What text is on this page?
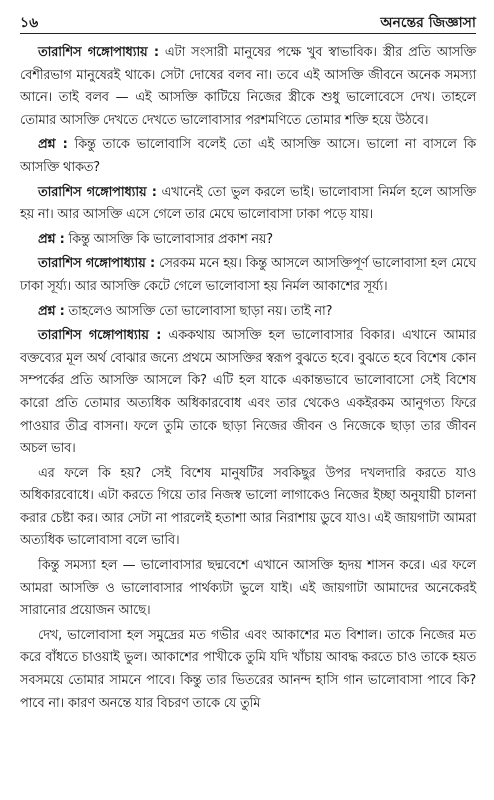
১৬	অনন্তের জিজ্ঞাসা

তারাশিস গঙ্গোপাধ্যায় : এটা সংসারী মানুষের পক্ষে খুব স্বাভাবিক। স্ত্রীর প্রতি আসক্তি বেশীরভাগ মানুষেরই থাকে। সেটা দোষের বলব না। তবে এই আসক্তি জীবনে অনেক সমস্যা আনে। তাই বলব — এই আসক্তি কাটিয়ে নিজের স্ত্রীকে শুধু ভালোবেসে দেখ। তাহলে তোমার আসক্তি দেখতে দেখতে ভালোবাসার পরশমণিতে তোমার শক্তি হয়ে উঠবে।

প্রশ্ন : কিন্তু তাকে ভালোবাসি বলেই তো এই আসক্তি আসে। ভালো না বাসলে কি আসক্তি থাকত?

তারাশিস গঙ্গোপাধ্যায় : এখানেই তো ভুল করলে ভাই। ভালোবাসা নির্মল হলে আসক্তি হয় না। আর আসক্তি এসে গেলে তার মেঘে ভালোবাসা ঢাকা পড়ে যায়।

প্রশ্ন : কিন্তু আসক্তি কি ভালোবাসার প্রকাশ নয়?

তারাশিস গঙ্গোপাধ্যায় : সেরকম মনে হয়। কিন্তু আসলে আসক্তিপূর্ণ ভালোবাসা হল মেঘে ঢাকা সূর্য্য। আর আসক্তি কেটে গেলে ভালোবাসা হয় নির্মল আকাশের সূর্য্য।

প্রশ্ন : তাহলেও আসক্তি তো ভালোবাসা ছাড়া নয়। তাই না?

তারাশিস গঙ্গোপাধ্যায় : এককথায় আসক্তি হল ভালোবাসার বিকার। এখানে আমার বক্তব্যের মূল অর্থ বোঝার জন্যে প্রথমে আসক্তির স্বরূপ বুঝতে হবে। বুঝতে হবে বিশেষ কোন সম্পর্কের প্রতি আসক্তি আসলে কি? এটি হল যাকে একান্তভাবে ভালোবাসো সেই বিশেষ কারো প্রতি তোমার অত্যধিক অধিকারবোধ এবং তার থেকেও একইরকম আনুগত্য ফিরে পাওয়ার তীব্র বাসনা। ফলে তুমি তাকে ছাড়া নিজের জীবন ও নিজেকে ছাড়া তার জীবন অচল ভাব।

এর ফলে কি হয়? সেই বিশেষ মানুষটির সবকিছুর উপর দখলদারি করতে যাও অধিকারবোধে। এটা করতে গিয়ে তার নিজস্ব ভালো লাগাকেও নিজের ইচ্ছা অনুযায়ী চালনা করার চেষ্টা কর। আর সেটা না পারলেই হতাশা আর নিরাশায় ডুবে যাও। এই জায়গাটা আমরা অত্যধিক ভালোবাসা বলে ভাবি।

কিন্তু সমস্যা হল — ভালোবাসার ছদ্মবেশে এখানে আসক্তি হৃদয় শাসন করে। এর ফলে আমরা আসক্তি ও ভালোবাসার পার্থক্যটা ভুলে যাই। এই জায়গাটা আমাদের অনেকেরই সারানোর প্রয়োজন আছে।

দেখ, ভালোবাসা হল সমুদ্রের মত গভীর এবং আকাশের মত বিশাল। তাকে নিজের মত করে বাঁধতে চাওয়াই ভুল। আকাশের পাখীকে তুমি যদি খাঁচায় আবদ্ধ করতে চাও তাকে হয়ত সবসময়ে তোমার সামনে পাবে। কিন্তু তার ভিতরের আনন্দ হাসি গান ভালোবাসা পাবে কি? পাবে না। কারণ অনন্তে যার বিচরণ তাকে যে তুমি
